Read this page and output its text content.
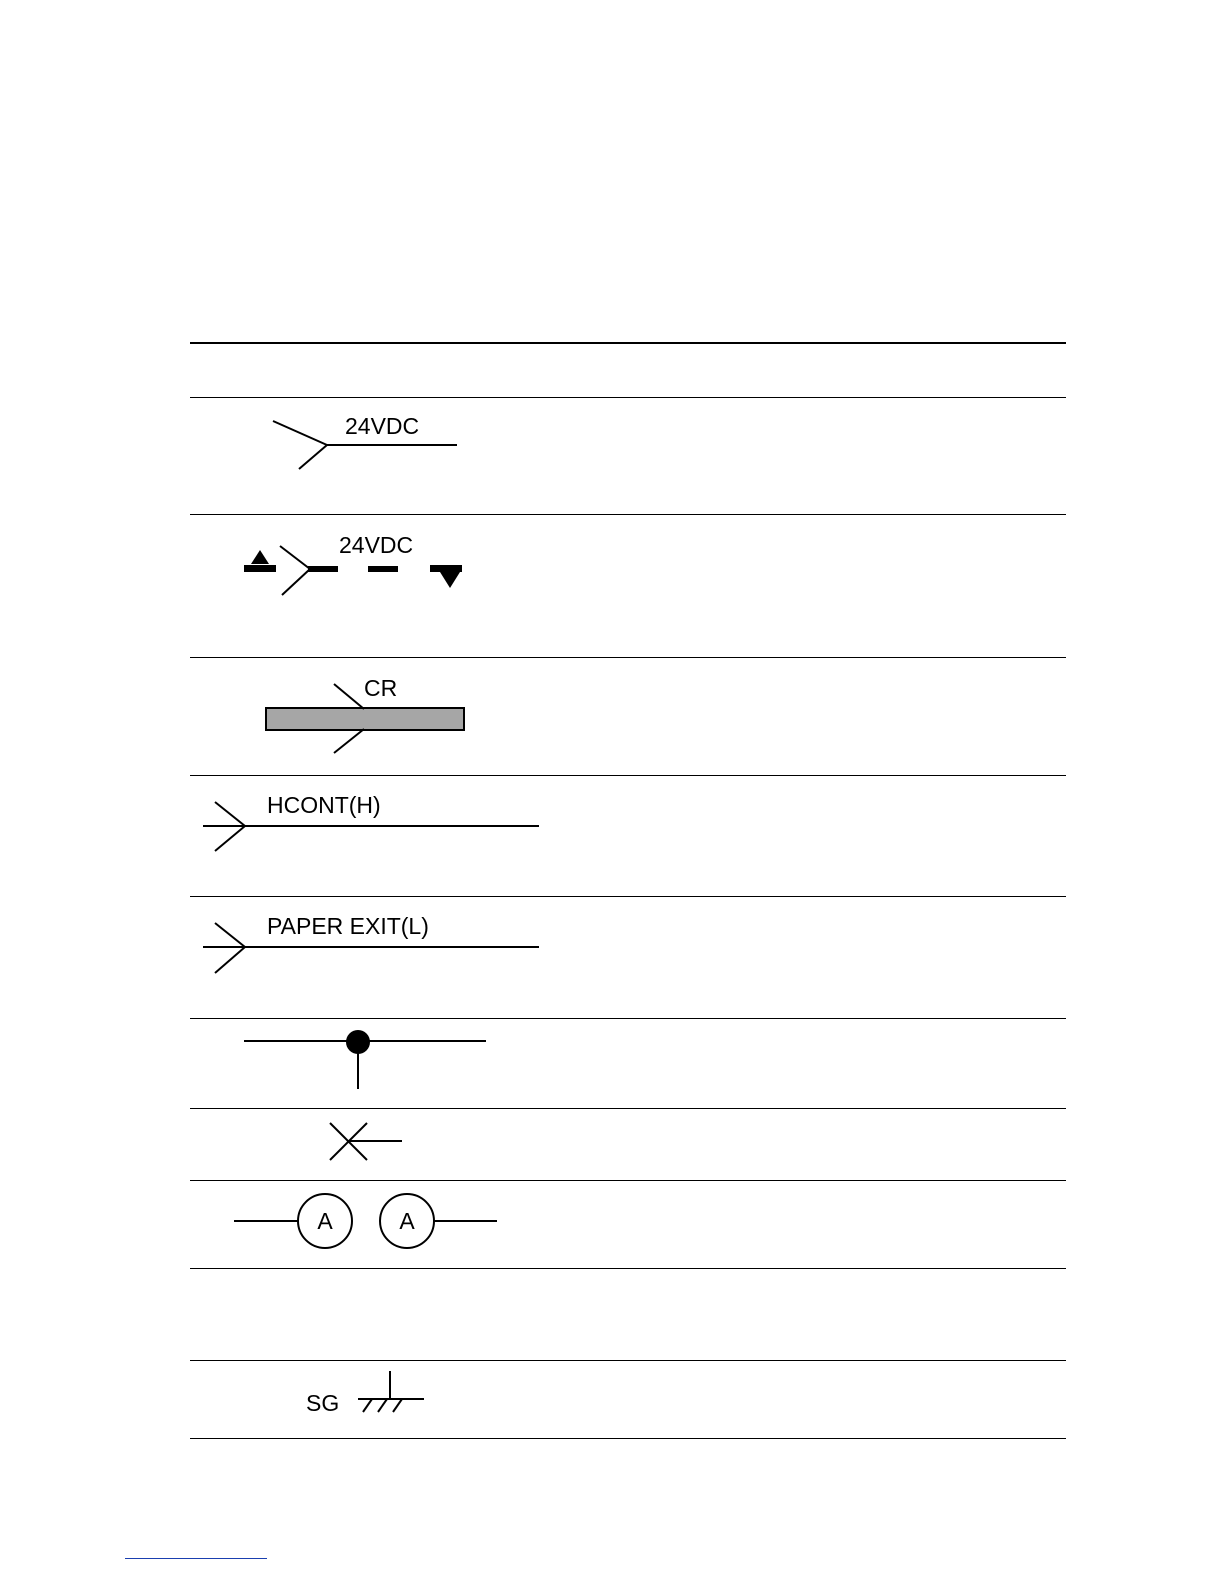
24VDC
24VDC
CR
HCONT(H)
PAPER EXIT(L)
A	A
SG
